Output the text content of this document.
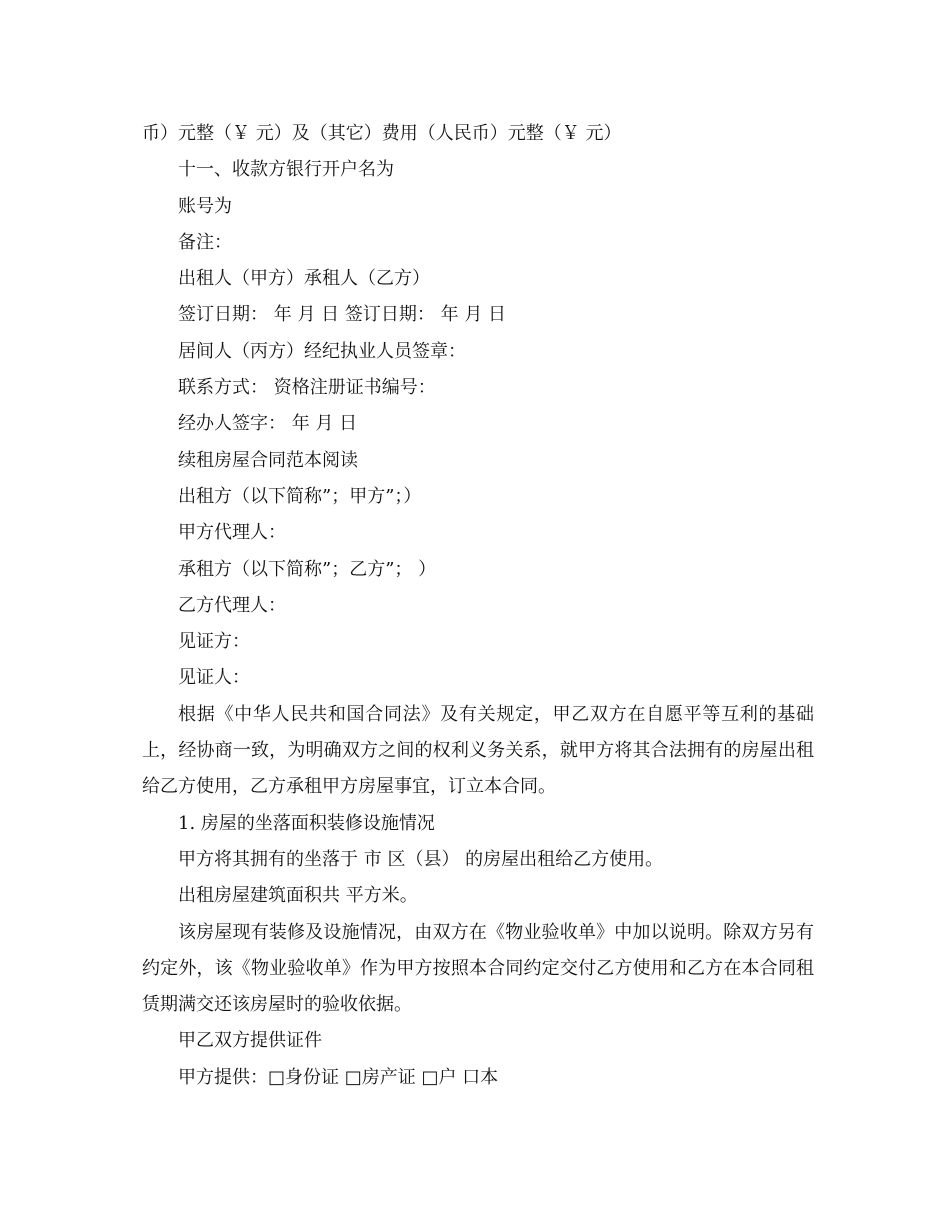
币）元整（￥ 元）及（其它）费用（人民币）元整（￥ 元）
十一、收款方银行开户名为
账号为
备注：
出租人（甲方）承租人（乙方）
签订日期： 年 月 日 签订日期： 年 月 日
居间人（丙方）经纪执业人员签章：
联系方式： 资格注册证书编号：
经办人签字： 年 月 日
续租房屋合同范本阅读
出租方（以下简称”；甲方”；）
甲方代理人：
承租方（以下简称”；乙方”； ）
乙方代理人：
见证方：
见证人：
根据《中华人民共和国合同法》及有关规定，甲乙双方在自愿平等互利的基础上，经协商一致，为明确双方之间的权利义务关系，就甲方将其合法拥有的房屋出租给乙方使用，乙方承租甲方房屋事宜，订立本合同。
1. 房屋的坐落面积装修设施情况
甲方将其拥有的坐落于 市 区（县） 的房屋出租给乙方使用。
出租房屋建筑面积共 平方米。
该房屋现有装修及设施情况，由双方在《物业验收单》中加以说明。除双方另有约定外，该《物业验收单》作为甲方按照本合同约定交付乙方使用和乙方在本合同租赁期满交还该房屋时的验收依据。
甲乙双方提供证件
甲方提供：□身份证 □房产证 □户 口本
